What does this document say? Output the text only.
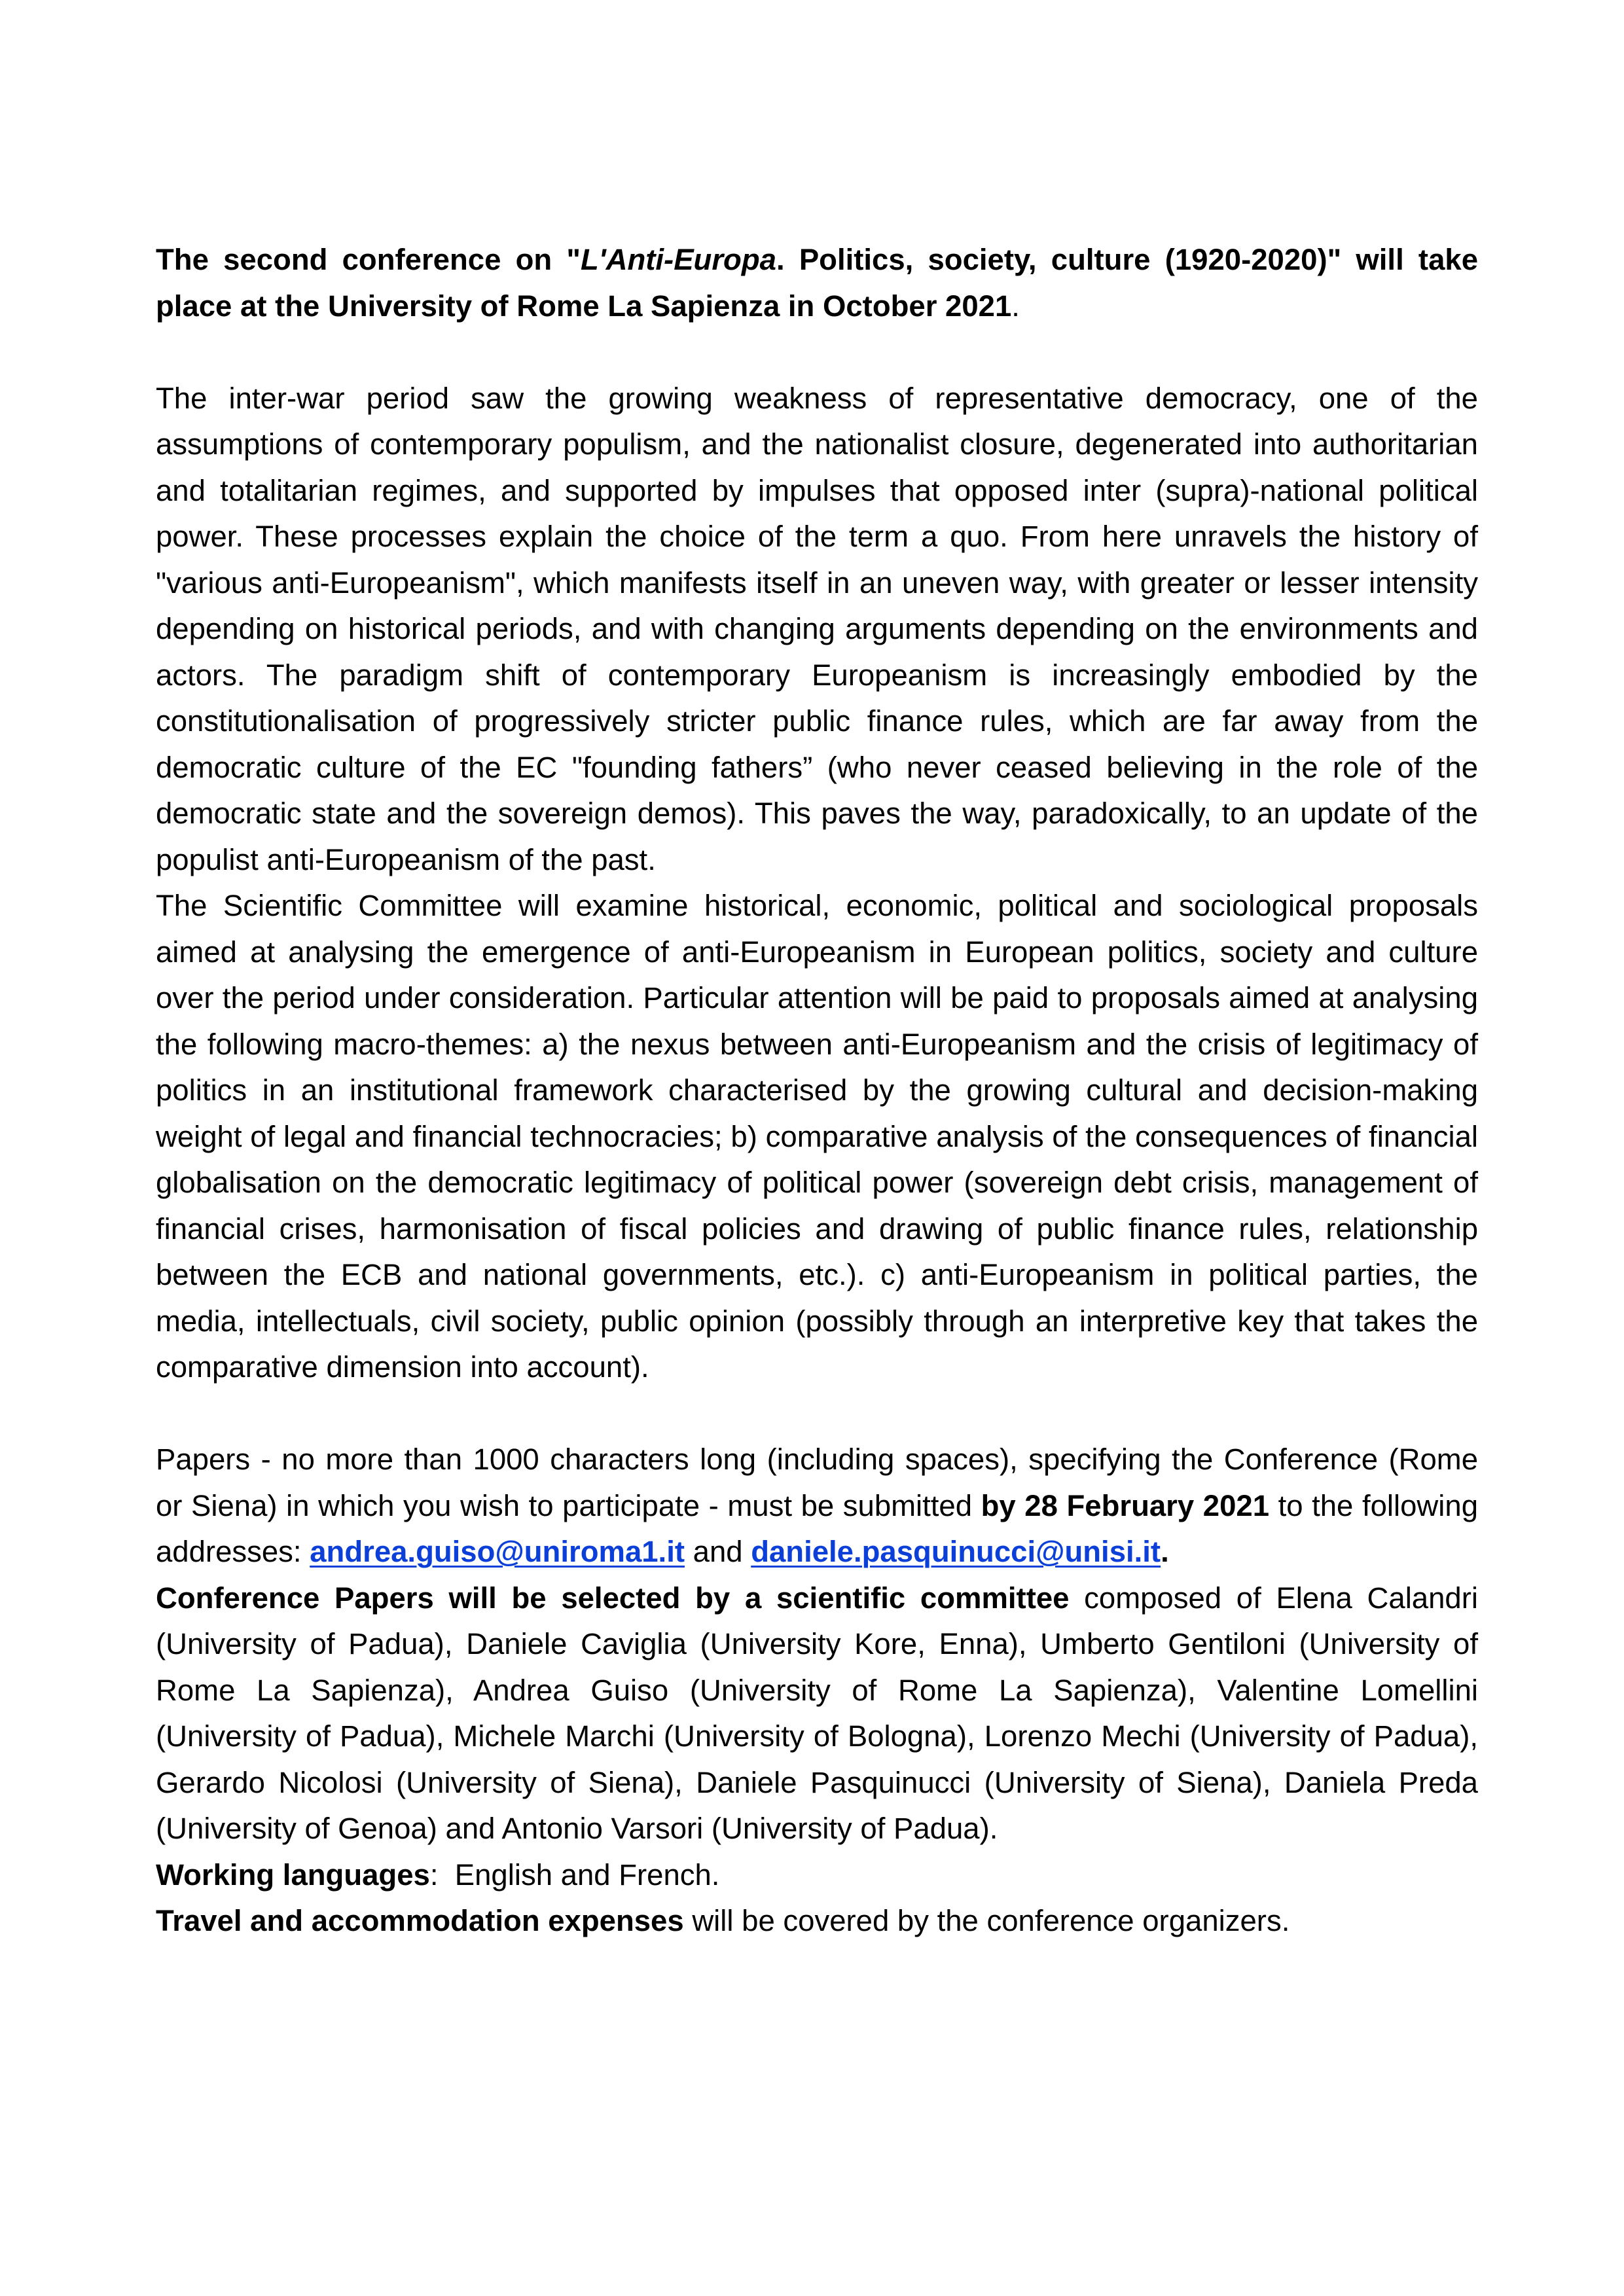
The second conference on "L'Anti-Europa. Politics, society, culture (1920-2020)" will take place at the University of Rome La Sapienza in October 2021.

The inter-war period saw the growing weakness of representative democracy, one of the assumptions of contemporary populism, and the nationalist closure, degenerated into authoritarian and totalitarian regimes, and supported by impulses that opposed inter (supra)-national political power. These processes explain the choice of the term a quo. From here unravels the history of "various anti-Europeanism", which manifests itself in an uneven way, with greater or lesser intensity depending on historical periods, and with changing arguments depending on the environments and actors. The paradigm shift of contemporary Europeanism is increasingly embodied by the constitutionalisation of progressively stricter public finance rules, which are far away from the democratic culture of the EC "founding fathers” (who never ceased believing in the role of the democratic state and the sovereign demos). This paves the way, paradoxically, to an update of the populist anti-Europeanism of the past.

The Scientific Committee will examine historical, economic, political and sociological proposals aimed at analysing the emergence of anti-Europeanism in European politics, society and culture over the period under consideration. Particular attention will be paid to proposals aimed at analysing the following macro-themes: a) the nexus between anti-Europeanism and the crisis of legitimacy of politics in an institutional framework characterised by the growing cultural and decision-making weight of legal and financial technocracies; b) comparative analysis of the consequences of financial globalisation on the democratic legitimacy of political power (sovereign debt crisis, management of financial crises, harmonisation of fiscal policies and drawing of public finance rules, relationship between the ECB and national governments, etc.). c) anti-Europeanism in political parties, the media, intellectuals, civil society, public opinion (possibly through an interpretive key that takes the comparative dimension into account).

Papers - no more than 1000 characters long (including spaces), specifying the Conference (Rome or Siena) in which you wish to participate - must be submitted by 28 February 2021 to the following addresses: andrea.guiso@uniroma1.it and daniele.pasquinucci@unisi.it.

Conference Papers will be selected by a scientific committee composed of Elena Calandri (University of Padua), Daniele Caviglia (University Kore, Enna), Umberto Gentiloni (University of Rome La Sapienza), Andrea Guiso (University of Rome La Sapienza), Valentine Lomellini (University of Padua), Michele Marchi (University of Bologna), Lorenzo Mechi (University of Padua), Gerardo Nicolosi (University of Siena), Daniele Pasquinucci (University of Siena), Daniela Preda (University of Genoa) and Antonio Varsori (University of Padua).

Working languages:  English and French.

Travel and accommodation expenses will be covered by the conference organizers.
